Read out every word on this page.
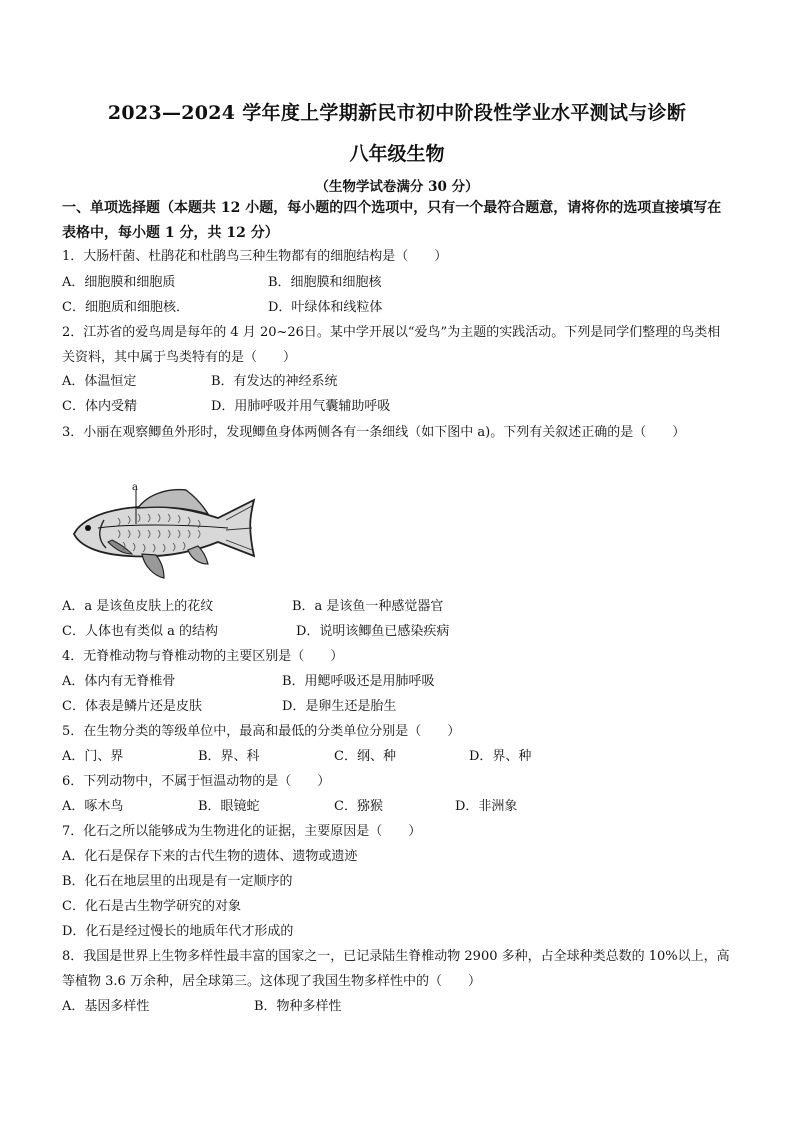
2023—2024 学年度上学期新民市初中阶段性学业水平测试与诊断
八年级生物
（生物学试卷满分 30 分）
一、单项选择题（本题共 12 小题，每小题的四个选项中，只有一个最符合题意，请将你的选项直接填写在表格中，每小题 1 分，共 12 分）
1．大肠杆菌、杜鹃花和杜鹃鸟三种生物都有的细胞结构是（　　）
A．细胞膜和细胞质	B．细胞膜和细胞核
C．细胞质和细胞核．	D．叶绿体和线粒体
2．江苏省的爱鸟周是每年的 4 月 20~26日。某中学开展以“爱鸟”为主题的实践活动。下列是同学们整理的鸟类相关资料，其中属于鸟类特有的是（　　）
A．体温恒定	B．有发达的神经系统
C．体内受精	D．用肺呼吸并用气囊辅助呼吸
3．小丽在观察鲫鱼外形时，发现鲫鱼身体两侧各有一条细线（如下图中 a)。下列有关叙述正确的是（　　）
a
A．a 是该鱼皮肤上的花纹	B．a 是该鱼一种感觉器官
C．人体也有类似 a 的结构	D．说明该鲫鱼已感染疾病
4．无脊椎动物与脊椎动物的主要区别是（　　）
A．体内有无脊椎骨	B．用鳃呼吸还是用肺呼吸
C．体表是鳞片还是皮肤	D．是卵生还是胎生
5．在生物分类的等级单位中，最高和最低的分类单位分别是（　　）
A．门、界	B．界、科	C．纲、种	D．界、种
6．下列动物中，不属于恒温动物的是（　　）
A．啄木鸟	B．眼镜蛇	C．猕猴	D．非洲象
7．化石之所以能够成为生物进化的证据，主要原因是（　　）
A．化石是保存下来的古代生物的遗体、遗物或遗迹
B．化石在地层里的出现是有一定顺序的
C．化石是古生物学研究的对象
D．化石是经过慢长的地质年代才形成的
8．我国是世界上生物多样性最丰富的国家之一，已记录陆生脊椎动物 2900 多种，占全球种类总数的 10%以上，高等植物 3.6 万余种，居全球第三。这体现了我国生物多样性中的（　　）
A．基因多样性	B．物种多样性
